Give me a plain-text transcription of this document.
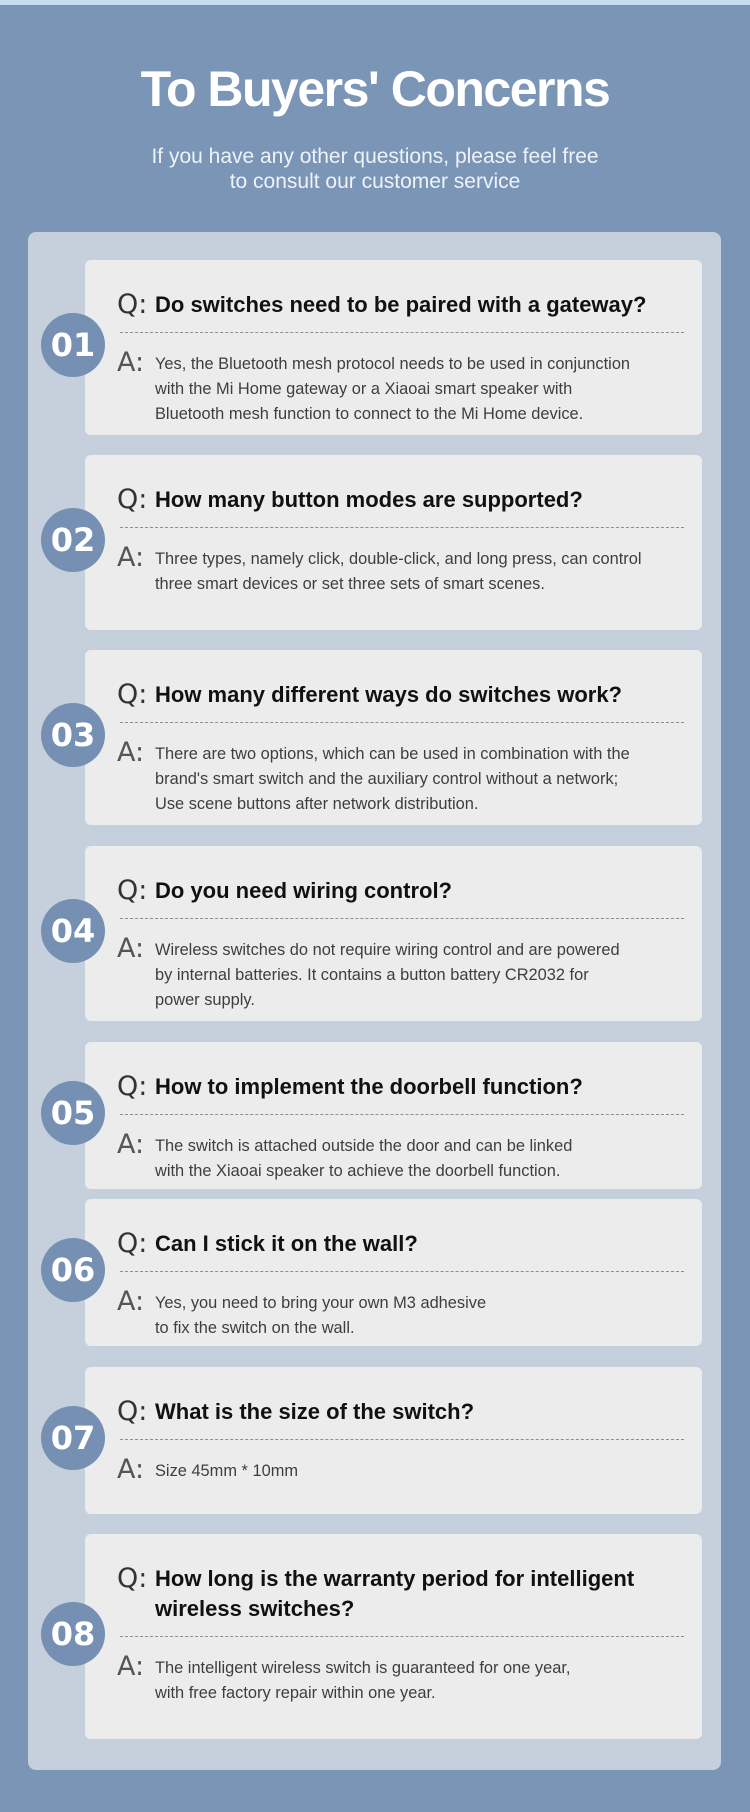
To Buyers' Concerns
If you have any other questions, please feel free
to consult our customer service
Q: Do switches need to be paired with a gateway?
A: Yes, the Bluetooth mesh protocol needs to be used in conjunction
with the Mi Home gateway or a Xiaoai smart speaker with
Bluetooth mesh function to connect to the Mi Home device.
01
Q: How many button modes are supported?
A: Three types, namely click, double-click, and long press, can control
three smart devices or set three sets of smart scenes.
02
Q: How many different ways do switches work?
A: There are two options, which can be used in combination with the
brand's smart switch and the auxiliary control without a network;
Use scene buttons after network distribution.
03
Q: Do you need wiring control?
A: Wireless switches do not require wiring control and are powered
by internal batteries. It contains a button battery CR2032 for
power supply.
04
Q: How to implement the doorbell function?
A: The switch is attached outside the door and can be linked
with the Xiaoai speaker to achieve the doorbell function.
05
Q: Can I stick it on the wall?
A: Yes, you need to bring your own M3 adhesive
to fix the switch on the wall.
06
Q: What is the size of the switch?
A: Size 45mm * 10mm
07
Q: How long is the warranty period for intelligent
wireless switches?
A: The intelligent wireless switch is guaranteed for one year,
with free factory repair within one year.
08
